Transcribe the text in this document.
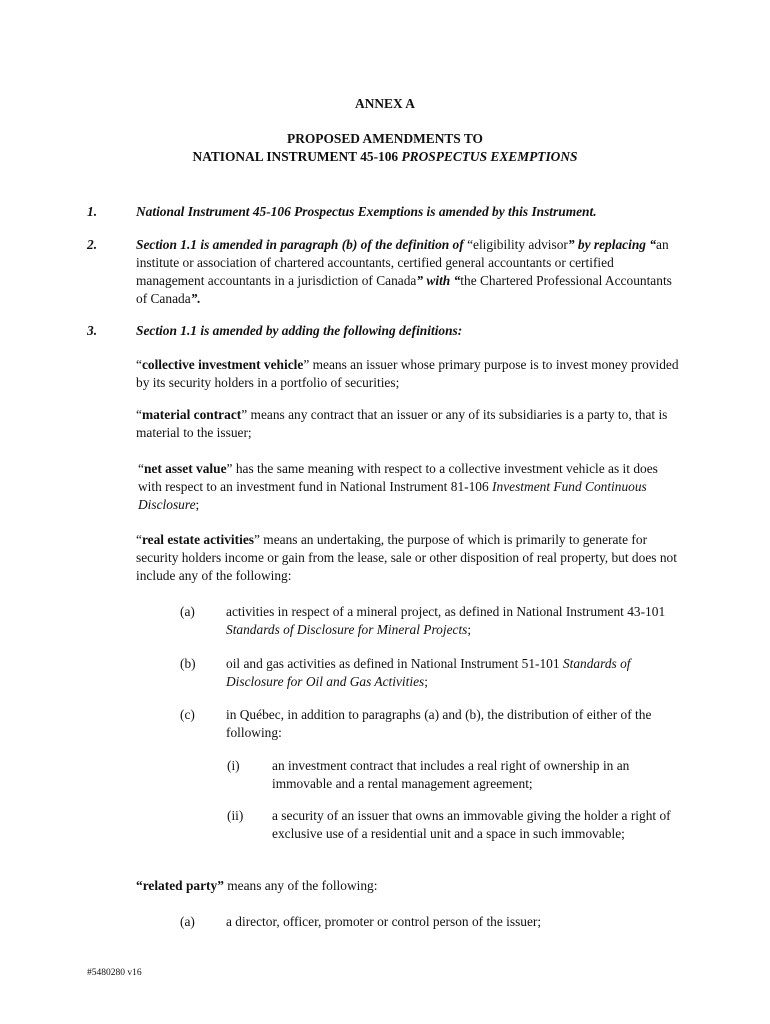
ANNEX A
PROPOSED AMENDMENTS TO
NATIONAL INSTRUMENT 45-106 PROSPECTUS EXEMPTIONS
1.	National Instrument 45-106 Prospectus Exemptions is amended by this Instrument.
2.	Section 1.1 is amended in paragraph (b) of the definition of “eligibility advisor” by replacing “an institute or association of chartered accountants, certified general accountants or certified management accountants in a jurisdiction of Canada” with “the Chartered Professional Accountants of Canada”.
3.	Section 1.1 is amended by adding the following definitions:
“collective investment vehicle” means an issuer whose primary purpose is to invest money provided by its security holders in a portfolio of securities;
“material contract” means any contract that an issuer or any of its subsidiaries is a party to, that is material to the issuer;
“net asset value” has the same meaning with respect to a collective investment vehicle as it does with respect to an investment fund in National Instrument 81-106 Investment Fund Continuous Disclosure;
“real estate activities” means an undertaking, the purpose of which is primarily to generate for security holders income or gain from the lease, sale or other disposition of real property, but does not include any of the following:
(a) activities in respect of a mineral project, as defined in National Instrument 43-101 Standards of Disclosure for Mineral Projects;
(b) oil and gas activities as defined in National Instrument 51-101 Standards of Disclosure for Oil and Gas Activities;
(c) in Québec, in addition to paragraphs (a) and (b), the distribution of either of the following:
(i) an investment contract that includes a real right of ownership in an immovable and a rental management agreement;
(ii) a security of an issuer that owns an immovable giving the holder a right of exclusive use of a residential unit and a space in such immovable;
“related party” means any of the following:
(a) a director, officer, promoter or control person of the issuer;
#5480280 v16
